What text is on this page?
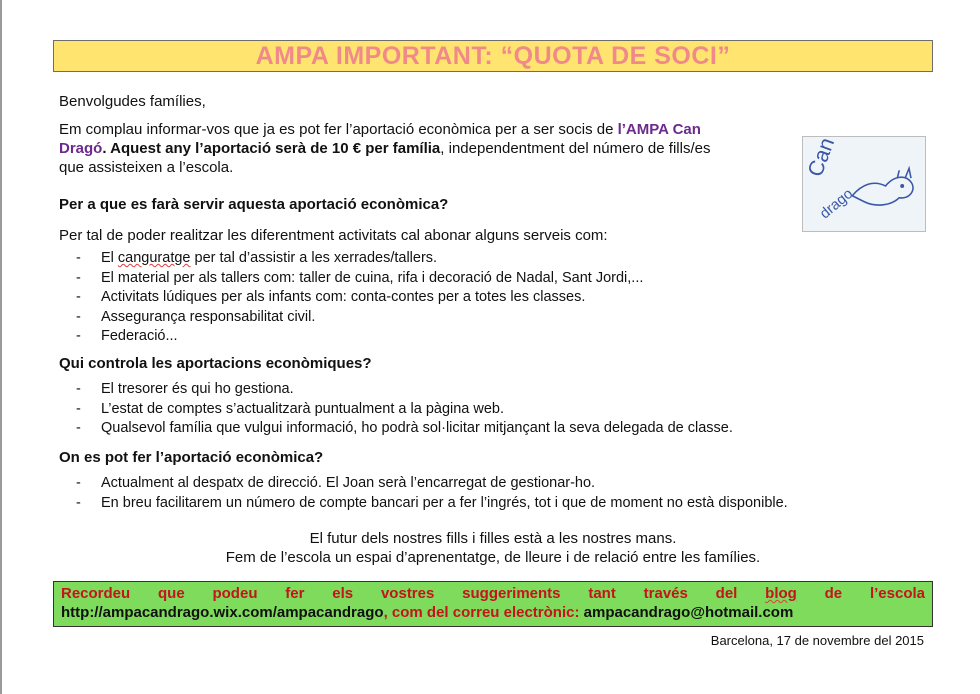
AMPA IMPORTANT: “QUOTA DE SOCI”
Benvolgudes famílies,
Em complau informar-vos que ja es pot fer l’aportació econòmica per a ser socis de l’AMPA Can
Dragó. Aquest any l’aportació serà de 10 € per família, independentment del número de fills/es
que assisteixen a l’escola.	Can
drago
Per a que es farà servir aquesta aportació econòmica?
Per tal de poder realitzar les diferentment activitats cal abonar alguns serveis com:
- El canguratge per tal d’assistir a les xerrades/tallers.
- El material per als tallers com: taller de cuina, rifa i decoració de Nadal, Sant Jordi,...
- Activitats lúdiques per als infants com: conta-contes per a totes les classes.
- Assegurança responsabilitat civil.
- Federació...
Qui controla les aportacions econòmiques?
- El tresorer és qui ho gestiona.
- L’estat de comptes s’actualitzarà puntualment a la pàgina web.
- Qualsevol família que vulgui informació, ho podrà sol·licitar mitjançant la seva delegada de classe.
On es pot fer l’aportació econòmica?
- Actualment al despatx de direcció. El Joan serà l’encarregat de gestionar-ho.
- En breu facilitarem un número de compte bancari per a fer l’ingrés, tot i que de moment no està disponible.
El futur dels nostres fills i filles està a les nostres mans.
Fem de l’escola un espai d’aprenentatge, de lleure i de relació entre les famílies.
Recordeu que podeu fer els vostres suggeriments tant través del blog de l’escola
http://ampacandrago.wix.com/ampacandrago, com del correu electrònic: ampacandrago@hotmail.com
Barcelona, 17 de novembre del 2015
